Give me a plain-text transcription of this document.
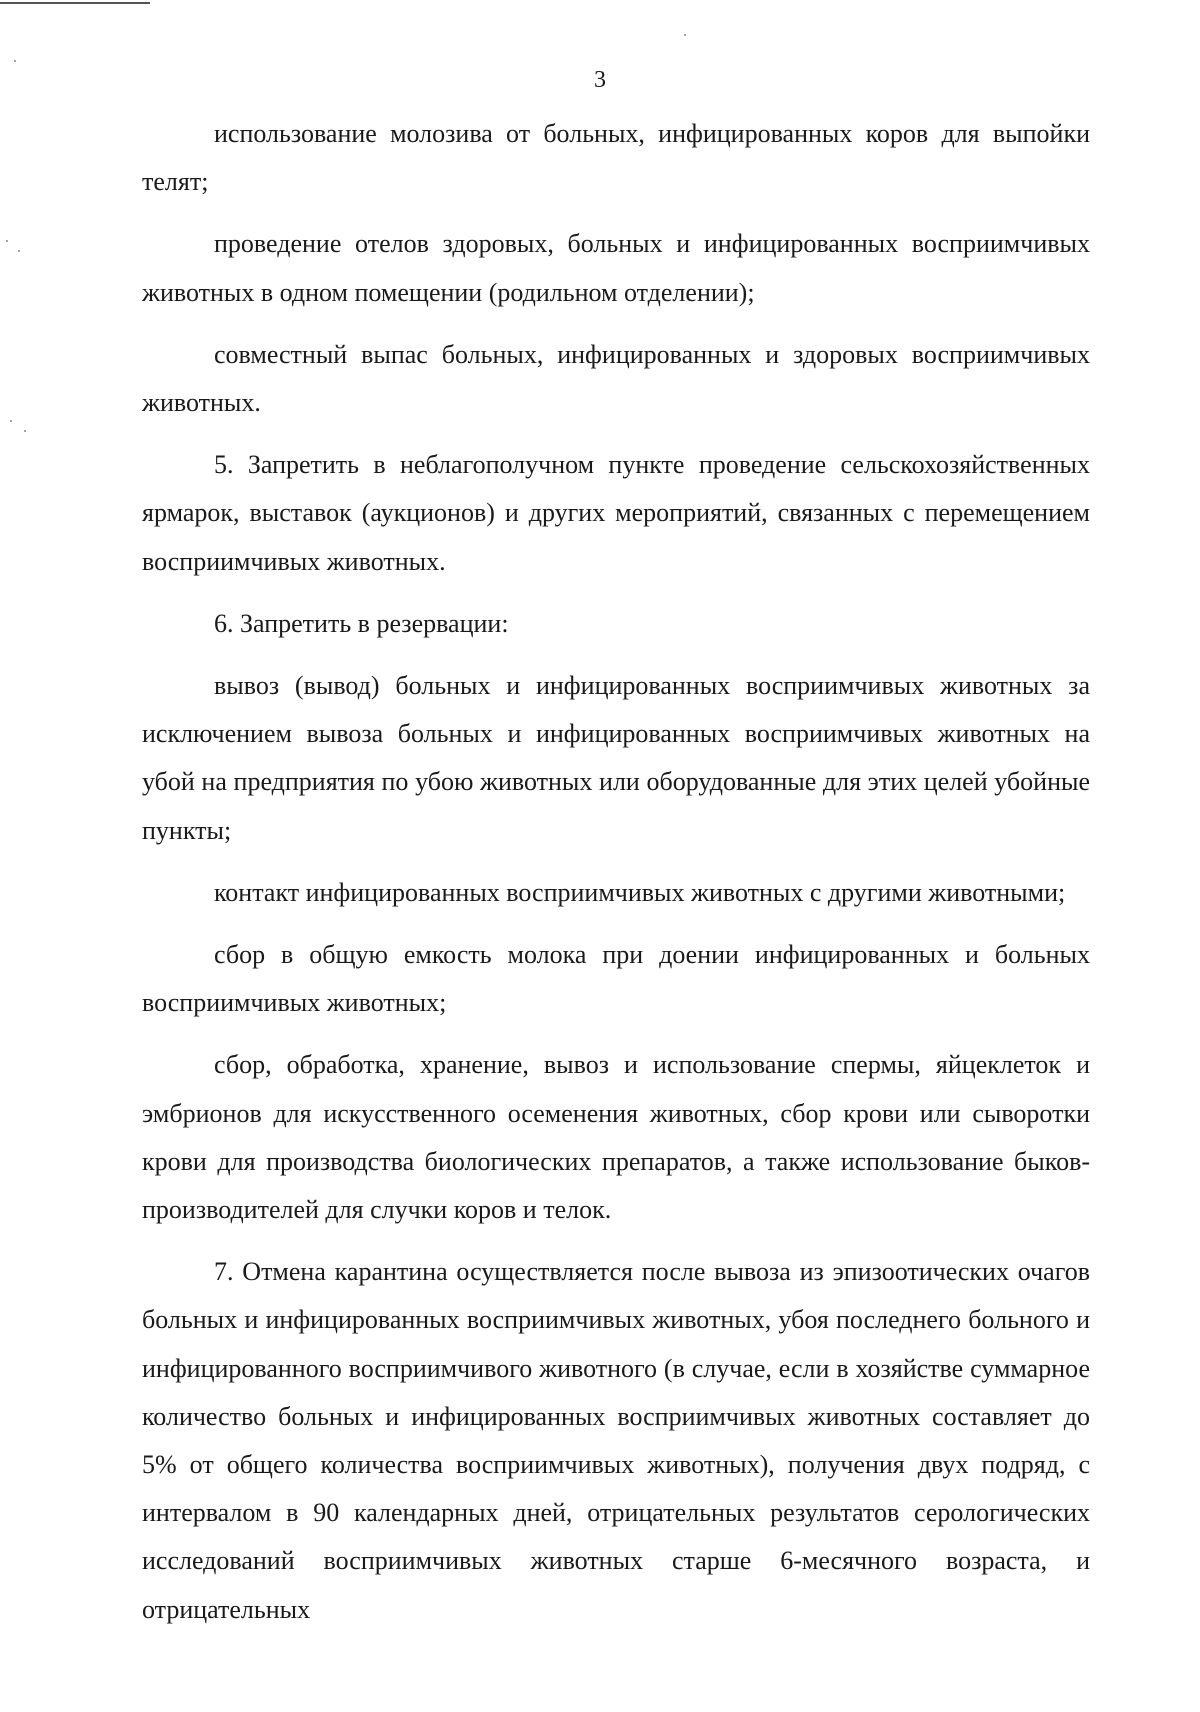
3

использование молозива от больных, инфицированных коров для выпойки телят;

проведение отелов здоровых, больных и инфицированных восприимчивых животных в одном помещении (родильном отделении);

совместный выпас больных, инфицированных и здоровых восприимчивых животных.

5. Запретить в неблагополучном пункте проведение сельскохозяйственных ярмарок, выставок (аукционов) и других мероприятий, связанных с перемещением восприимчивых животных.

6. Запретить в резервации:

вывоз (вывод) больных и инфицированных восприимчивых животных за исключением вывоза больных и инфицированных восприимчивых животных на убой на предприятия по убою животных или оборудованные для этих целей убойные пункты;

контакт инфицированных восприимчивых животных с другими животными;

сбор в общую емкость молока при доении инфицированных и больных восприимчивых животных;

сбор, обработка, хранение, вывоз и использование спермы, яйцеклеток и эмбрионов для искусственного осеменения животных, сбор крови или сыворотки крови для производства биологических препаратов, а также использование быков-производителей для случки коров и телок.

7. Отмена карантина осуществляется после вывоза из эпизоотических очагов больных и инфицированных восприимчивых животных, убоя последнего больного и инфицированного восприимчивого животного (в случае, если в хозяйстве суммарное количество больных и инфицированных восприимчивых животных составляет до 5% от общего количества восприимчивых животных), получения двух подряд, с интервалом в 90 календарных дней, отрицательных результатов серологических исследований восприимчивых животных старше 6-месячного возраста, и отрицательных
